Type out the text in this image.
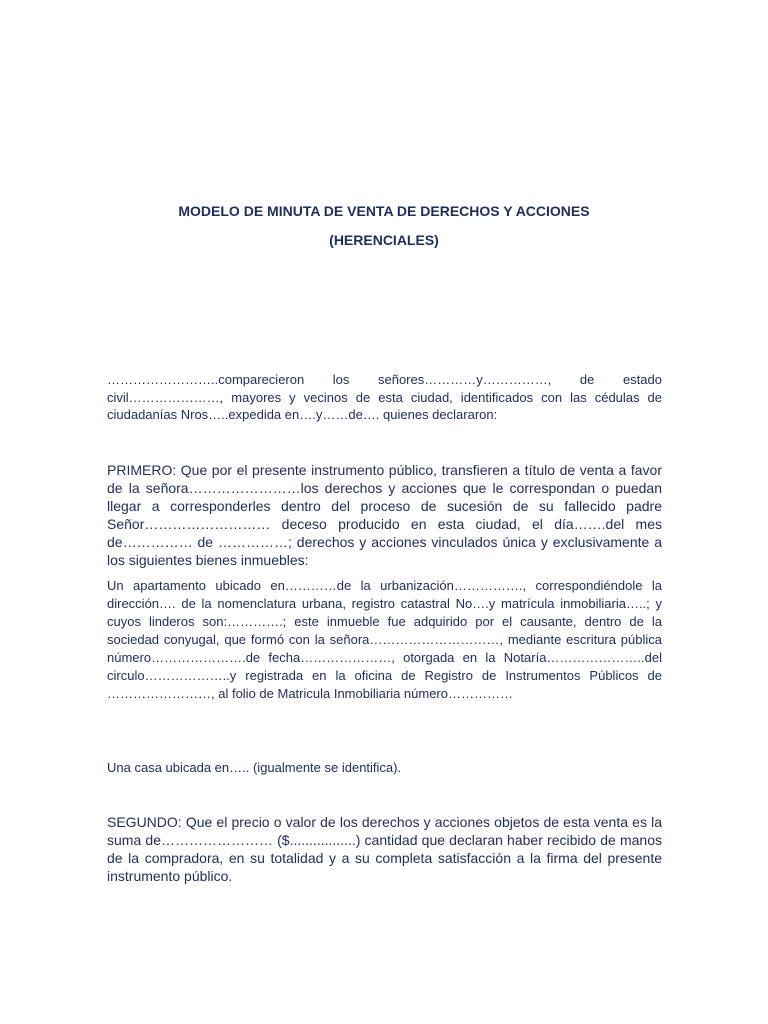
MODELO DE MINUTA DE VENTA DE DERECHOS Y ACCIONES
(HERENCIALES)

……………………..comparecieron los señores…………y……………, de estado civil…………………, mayores y vecinos de esta ciudad, identificados con las cédulas de ciudadanías Nros…..expedida en….y……de…. quienes declararon:

PRIMERO: Que por el presente instrumento público, transfieren a título de venta a favor de la señora……………………los derechos y acciones que le correspondan o puedan llegar a corresponderles dentro del proceso de sucesión de su fallecido padre Señor……………………… deceso producido en esta ciudad, el día…….del mes de…………… de ……………; derechos y acciones vinculados única y exclusivamente a los siguientes bienes inmuebles:

Un apartamento ubicado en…………de la urbanización……………., correspondiéndole la dirección…. de la nomenclatura urbana, registro catastral No….y matrícula inmobiliaria…..; y cuyos linderos son:………….; este inmueble fue adquirido por el causante, dentro de la sociedad conyugal, que formó con la señora…………………………, mediante escritura pública número………………….de fecha…………………, otorgada en la Notaría…………………..del circulo………………..y registrada en la oficina de Registro de Instrumentos Públicos de ……………………, al folio de Matricula Inmobiliaria número……………

Una casa ubicada en….. (igualmente se identifica).

SEGUNDO: Que el precio o valor de los derechos y acciones objetos de esta venta es la suma de…………………… ($.................) cantidad que declaran haber recibido de manos de la compradora, en su totalidad y a su completa satisfacción a la firma del presente instrumento público.
